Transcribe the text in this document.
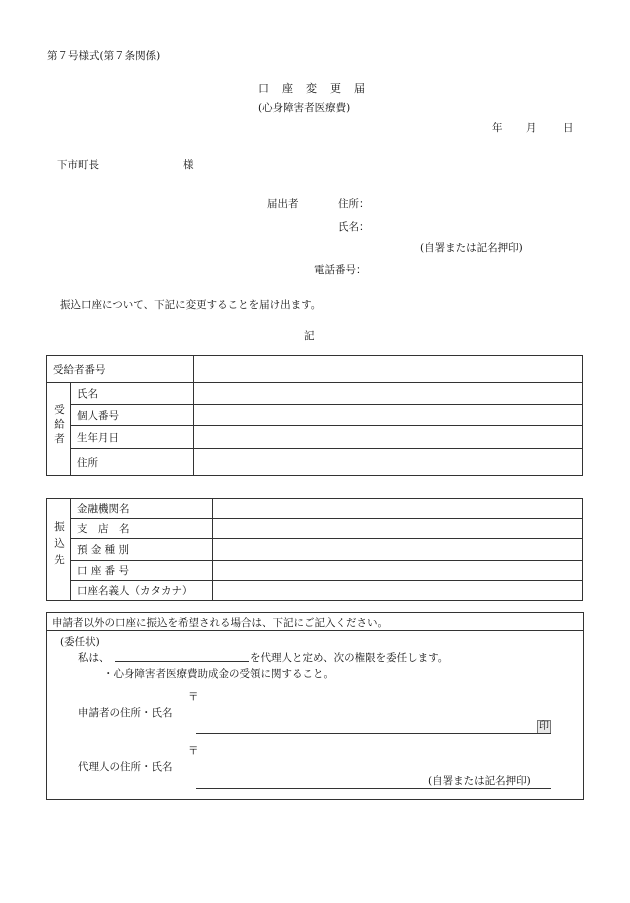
第７号様式(第７条関係)
口　座　変　更　届
(心身障害者医療費)
年 月	日
下市町長	様
届出者	住所：
氏名：
(自署または記名押印)
電話番号：
振込口座について、下記に変更することを届け出ます。
記
受給者番号		
受給者	氏名	
	個人番号	
	生年月日	
	住所	
振込先	金融機関名	
	支　店　名	
	預 金 種 別	
	口 座 番 号	
	口座名義人（カタカナ）	
申請者以外の口座に振込を希望される場合は、下記にご記入ください。
(委任状)
私は、	を代理人と定め、次の権限を委任します。
・心身障害者医療費助成金の受領に関すること。
〒
申請者の住所・氏名
印
〒
代理人の住所・氏名
(自署または記名押印)
